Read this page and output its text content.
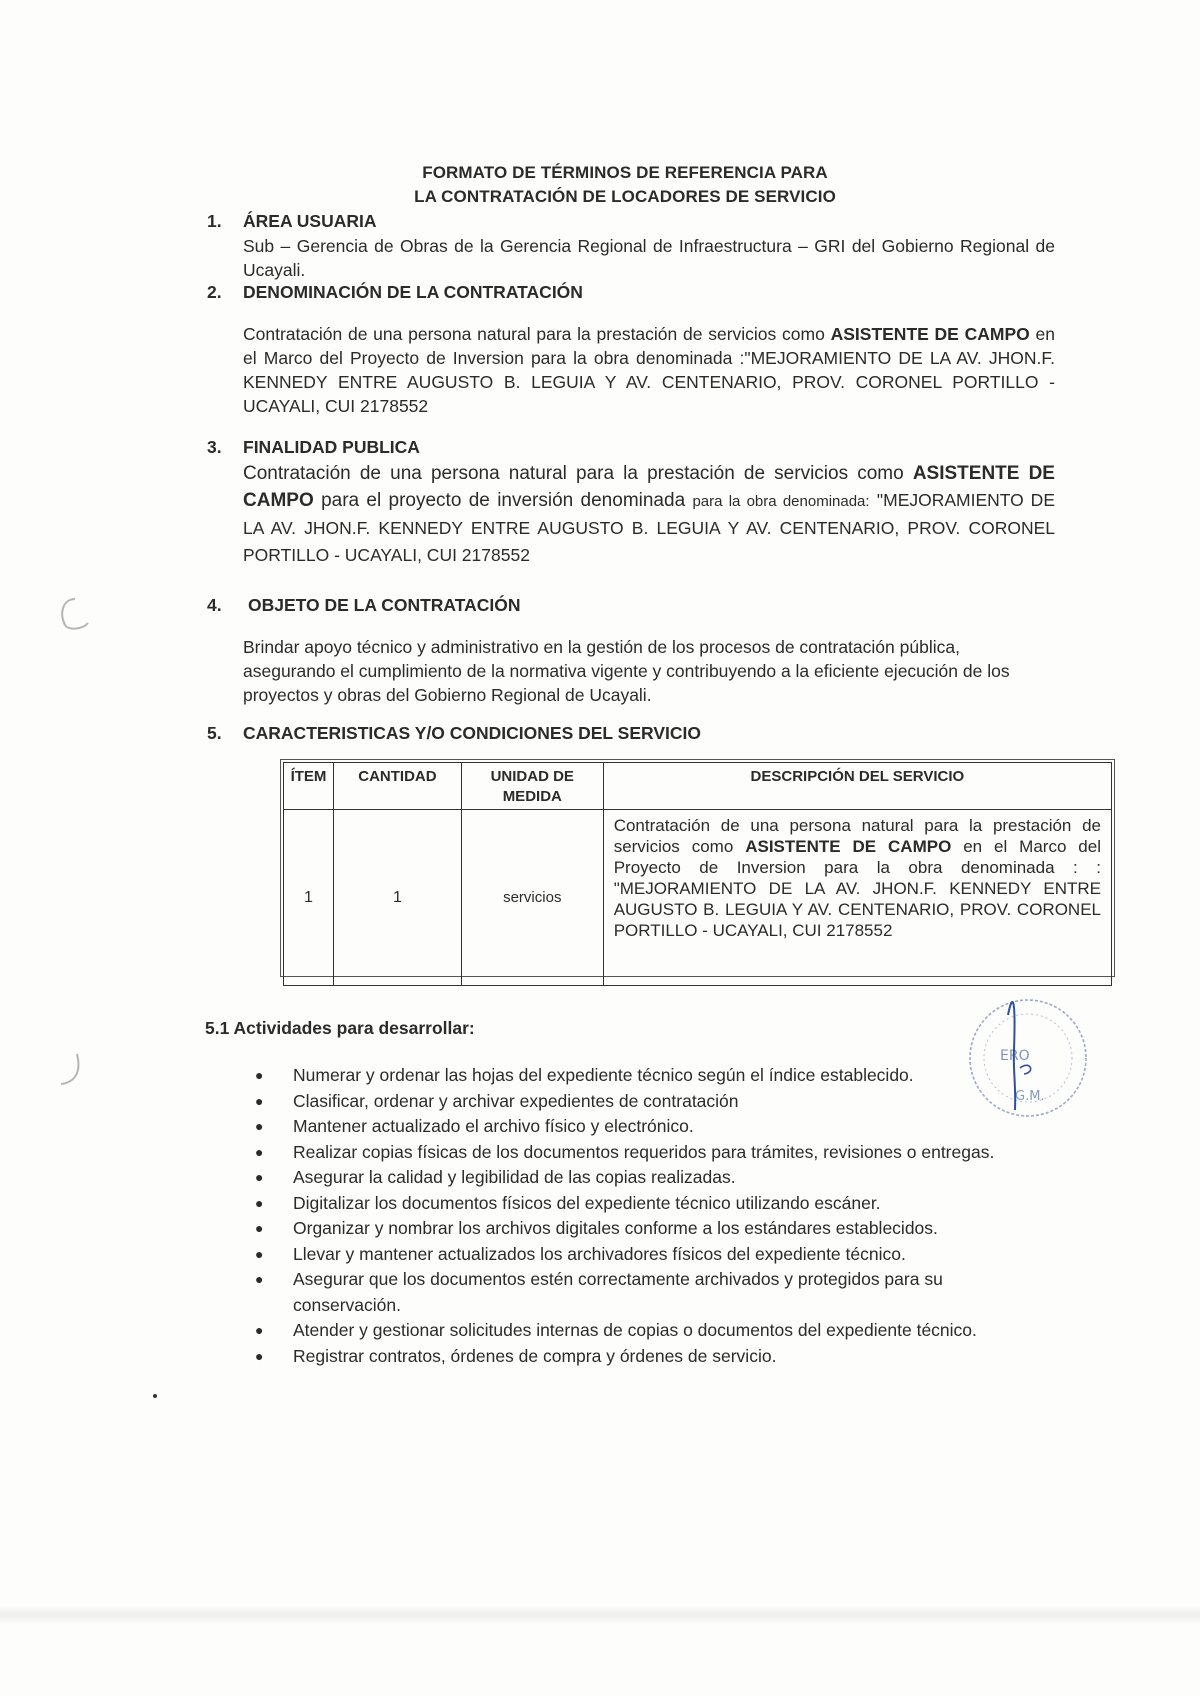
FORMATO DE TÉRMINOS DE REFERENCIA PARA
LA CONTRATACIÓN DE LOCADORES DE SERVICIO
1. ÁREA USUARIA
Sub – Gerencia de Obras de la Gerencia Regional de Infraestructura – GRI del Gobierno Regional de Ucayali.
2. DENOMINACIÓN DE LA CONTRATACIÓN
Contratación de una persona natural para la prestación de servicios como ASISTENTE DE CAMPO en el Marco del Proyecto de Inversion para la obra denominada :"MEJORAMIENTO DE LA AV. JHON.F. KENNEDY ENTRE AUGUSTO B. LEGUIA Y AV. CENTENARIO, PROV. CORONEL PORTILLO - UCAYALI, CUI 2178552
3. FINALIDAD PUBLICA
Contratación de una persona natural para la prestación de servicios como ASISTENTE DE CAMPO para el proyecto de inversión denominada para la obra denominada: "MEJORAMIENTO DE LA AV. JHON.F. KENNEDY ENTRE AUGUSTO B. LEGUIA Y AV. CENTENARIO, PROV. CORONEL PORTILLO - UCAYALI, CUI 2178552
4. OBJETO DE LA CONTRATACIÓN
Brindar apoyo técnico y administrativo en la gestión de los procesos de contratación pública, asegurando el cumplimiento de la normativa vigente y contribuyendo a la eficiente ejecución de los proyectos y obras del Gobierno Regional de Ucayali.
5. CARACTERISTICAS Y/O CONDICIONES DEL SERVICIO
ÍTEM	CANTIDAD	UNIDAD DE MEDIDA	DESCRIPCIÓN DEL SERVICIO
1	1	servicios	Contratación de una persona natural para la prestación de servicios como ASISTENTE DE CAMPO en el Marco del Proyecto de Inversion para la obra denominada : : "MEJORAMIENTO DE LA AV. JHON.F. KENNEDY ENTRE AUGUSTO B. LEGUIA Y AV. CENTENARIO, PROV. CORONEL PORTILLO - UCAYALI, CUI 2178552
5.1 Actividades para desarrollar:
● Numerar y ordenar las hojas del expediente técnico según el índice establecido.
● Clasificar, ordenar y archivar expedientes de contratación
● Mantener actualizado el archivo físico y electrónico.
● Realizar copias físicas de los documentos requeridos para trámites, revisiones o entregas.
● Asegurar la calidad y legibilidad de las copias realizadas.
● Digitalizar los documentos físicos del expediente técnico utilizando escáner.
● Organizar y nombrar los archivos digitales conforme a los estándares establecidos.
● Llevar y mantener actualizados los archivadores físicos del expediente técnico.
● Asegurar que los documentos estén correctamente archivados y protegidos para su conservación.
● Atender y gestionar solicitudes internas de copias o documentos del expediente técnico.
● Registrar contratos, órdenes de compra y órdenes de servicio.
ERO
G.M.
